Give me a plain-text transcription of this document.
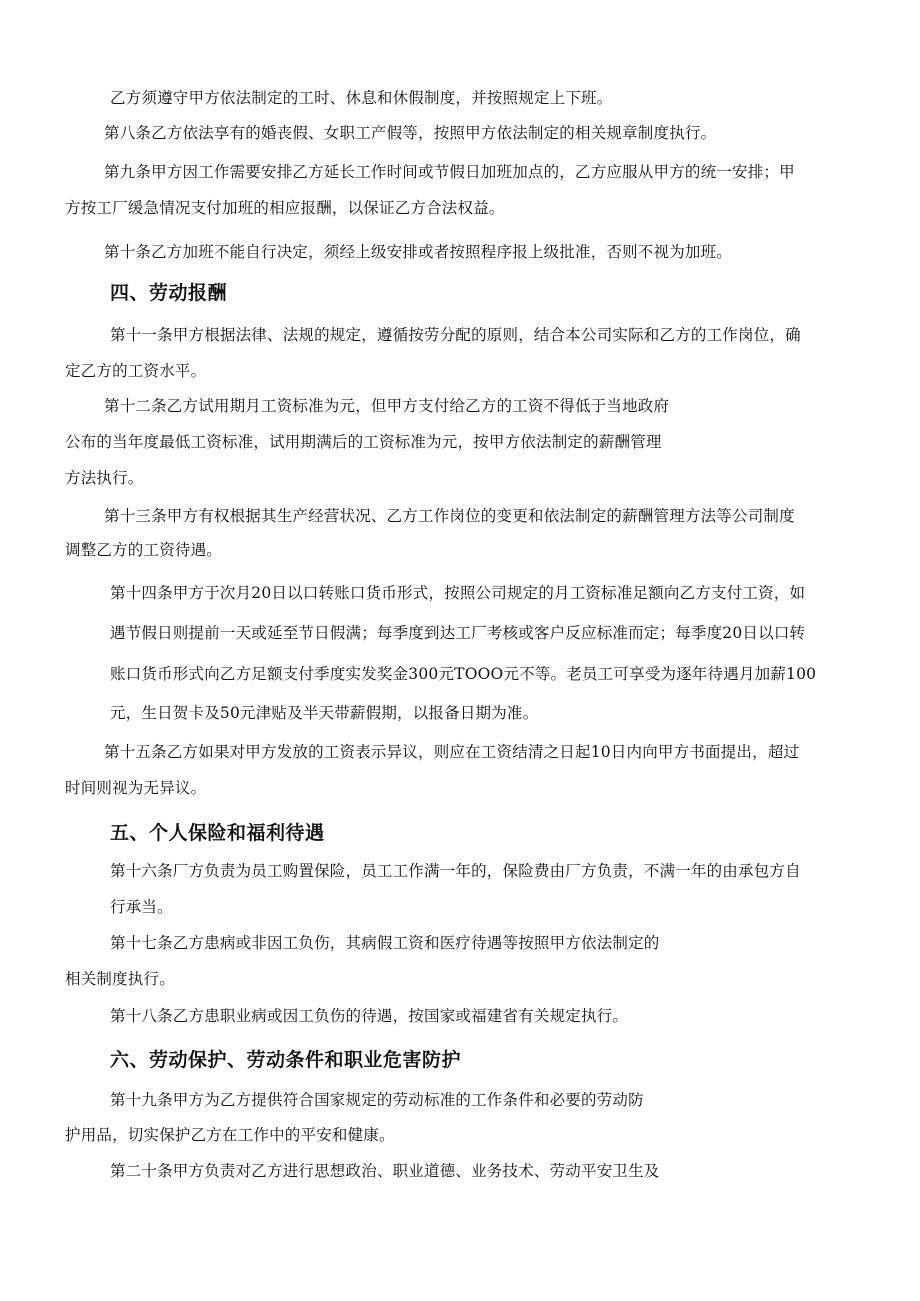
乙方须遵守甲方依法制定的工时、休息和休假制度，并按照规定上下班。

第八条乙方依法享有的婚丧假、女职工产假等，按照甲方依法制定的相关规章制度执行。

第九条甲方因工作需要安排乙方延长工作时间或节假日加班加点的，乙方应服从甲方的统一安排；甲

方按工厂缓急情况支付加班的相应报酬，以保证乙方合法权益。

第十条乙方加班不能自行决定，须经上级安排或者按照程序报上级批准，否则不视为加班。

四、劳动报酬

第十一条甲方根据法律、法规的规定，遵循按劳分配的原则，结合本公司实际和乙方的工作岗位，确

定乙方的工资水平。

第十二条乙方试用期月工资标准为元，但甲方支付给乙方的工资不得低于当地政府

公布的当年度最低工资标准，试用期满后的工资标准为元，按甲方依法制定的薪酬管理

方法执行。

第十三条甲方有权根据其生产经营状况、乙方工作岗位的变更和依法制定的薪酬管理方法等公司制度

调整乙方的工资待遇。

第十四条甲方于次月20日以口转账口货币形式，按照公司规定的月工资标准足额向乙方支付工资，如

遇节假日则提前一天或延至节日假满；每季度到达工厂考核或客户反应标准而定；每季度20日以口转

账口货币形式向乙方足额支付季度实发奖金300元TOOO元不等。老员工可享受为逐年待遇月加薪100

元，生日贺卡及50元津贴及半天带薪假期，以报备日期为准。

第十五条乙方如果对甲方发放的工资表示异议，则应在工资结清之日起10日内向甲方书面提出，超过

时间则视为无异议。

五、个人保险和福利待遇

第十六条厂方负责为员工购置保险，员工工作满一年的，保险费由厂方负责，不满一年的由承包方自

行承当。

第十七条乙方患病或非因工负伤，其病假工资和医疗待遇等按照甲方依法制定的

相关制度执行。

第十八条乙方患职业病或因工负伤的待遇，按国家或福建省有关规定执行。

六、劳动保护、劳动条件和职业危害防护

第十九条甲方为乙方提供符合国家规定的劳动标准的工作条件和必要的劳动防

护用品，切实保护乙方在工作中的平安和健康。

第二十条甲方负责对乙方进行思想政治、职业道德、业务技术、劳动平安卫生及
